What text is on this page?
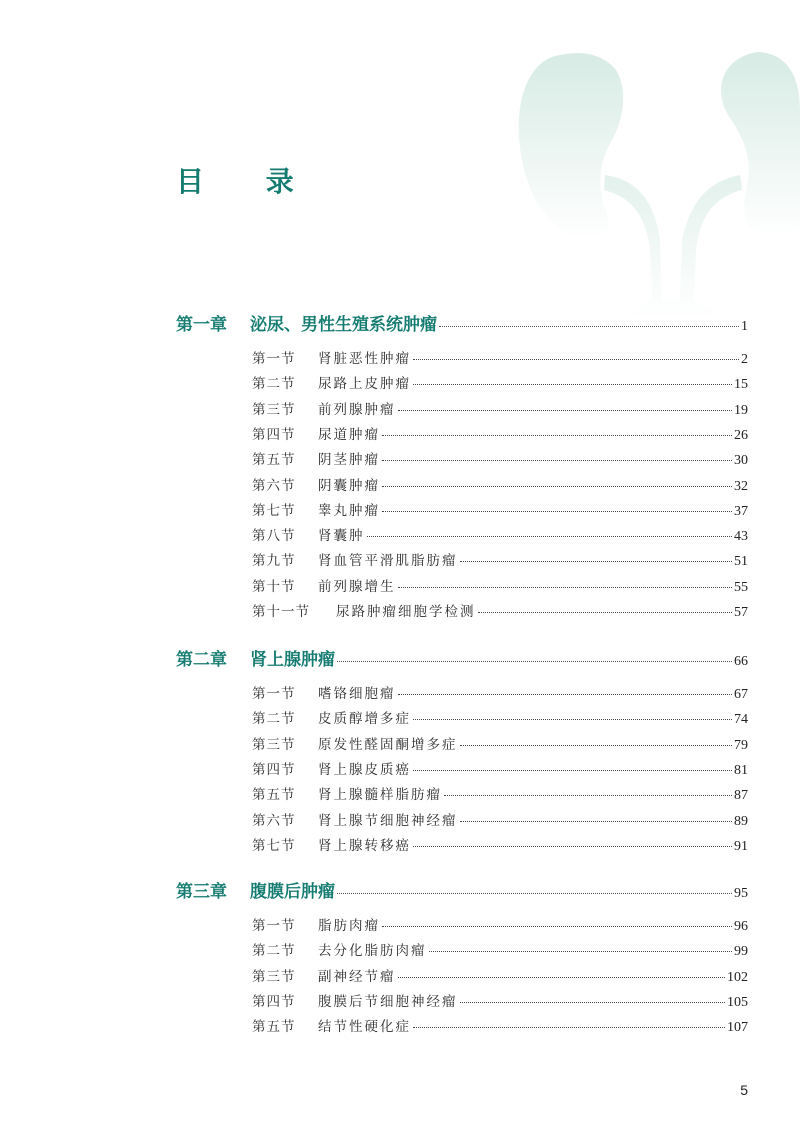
目 录
第一章	泌尿、男性生殖系统肿瘤	1
第一节	肾脏恶性肿瘤	2
第二节	尿路上皮肿瘤	15
第三节	前列腺肿瘤	19
第四节	尿道肿瘤	26
第五节	阴茎肿瘤	30
第六节	阴囊肿瘤	32
第七节	睾丸肿瘤	37
第八节	肾囊肿	43
第九节	肾血管平滑肌脂肪瘤	51
第十节	前列腺增生	55
第十一节	尿路肿瘤细胞学检测	57
第二章	肾上腺肿瘤	66
第一节	嗜铬细胞瘤	67
第二节	皮质醇增多症	74
第三节	原发性醛固酮增多症	79
第四节	肾上腺皮质癌	81
第五节	肾上腺髓样脂肪瘤	87
第六节	肾上腺节细胞神经瘤	89
第七节	肾上腺转移癌	91
第三章	腹膜后肿瘤	95
第一节	脂肪肉瘤	96
第二节	去分化脂肪肉瘤	99
第三节	副神经节瘤	102
第四节	腹膜后节细胞神经瘤	105
第五节	结节性硬化症	107
5
